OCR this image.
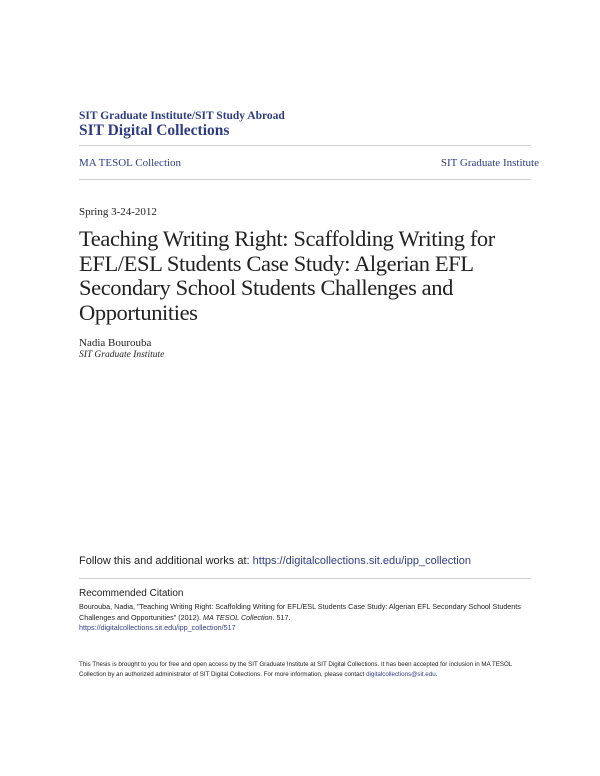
SIT Graduate Institute/SIT Study Abroad
SIT Digital Collections
MA TESOL Collection	SIT Graduate Institute
Spring 3-24-2012
Teaching Writing Right: Scaffolding Writing for EFL/ESL Students Case Study: Algerian EFL Secondary School Students Challenges and Opportunities
Nadia Bourouba
SIT Graduate Institute
Follow this and additional works at: https://digitalcollections.sit.edu/ipp_collection
Recommended Citation
Bourouba, Nadia, "Teaching Writing Right: Scaffolding Writing for EFL/ESL Students Case Study: Algerian EFL Secondary School Students Challenges and Opportunities" (2012). MA TESOL Collection. 517.
https://digitalcollections.sit.edu/ipp_collection/517
This Thesis is brought to you for free and open access by the SIT Graduate Institute at SIT Digital Collections. It has been accepted for inclusion in MA TESOL Collection by an authorized administrator of SIT Digital Collections. For more information, please contact digitalcollections@sit.edu.
